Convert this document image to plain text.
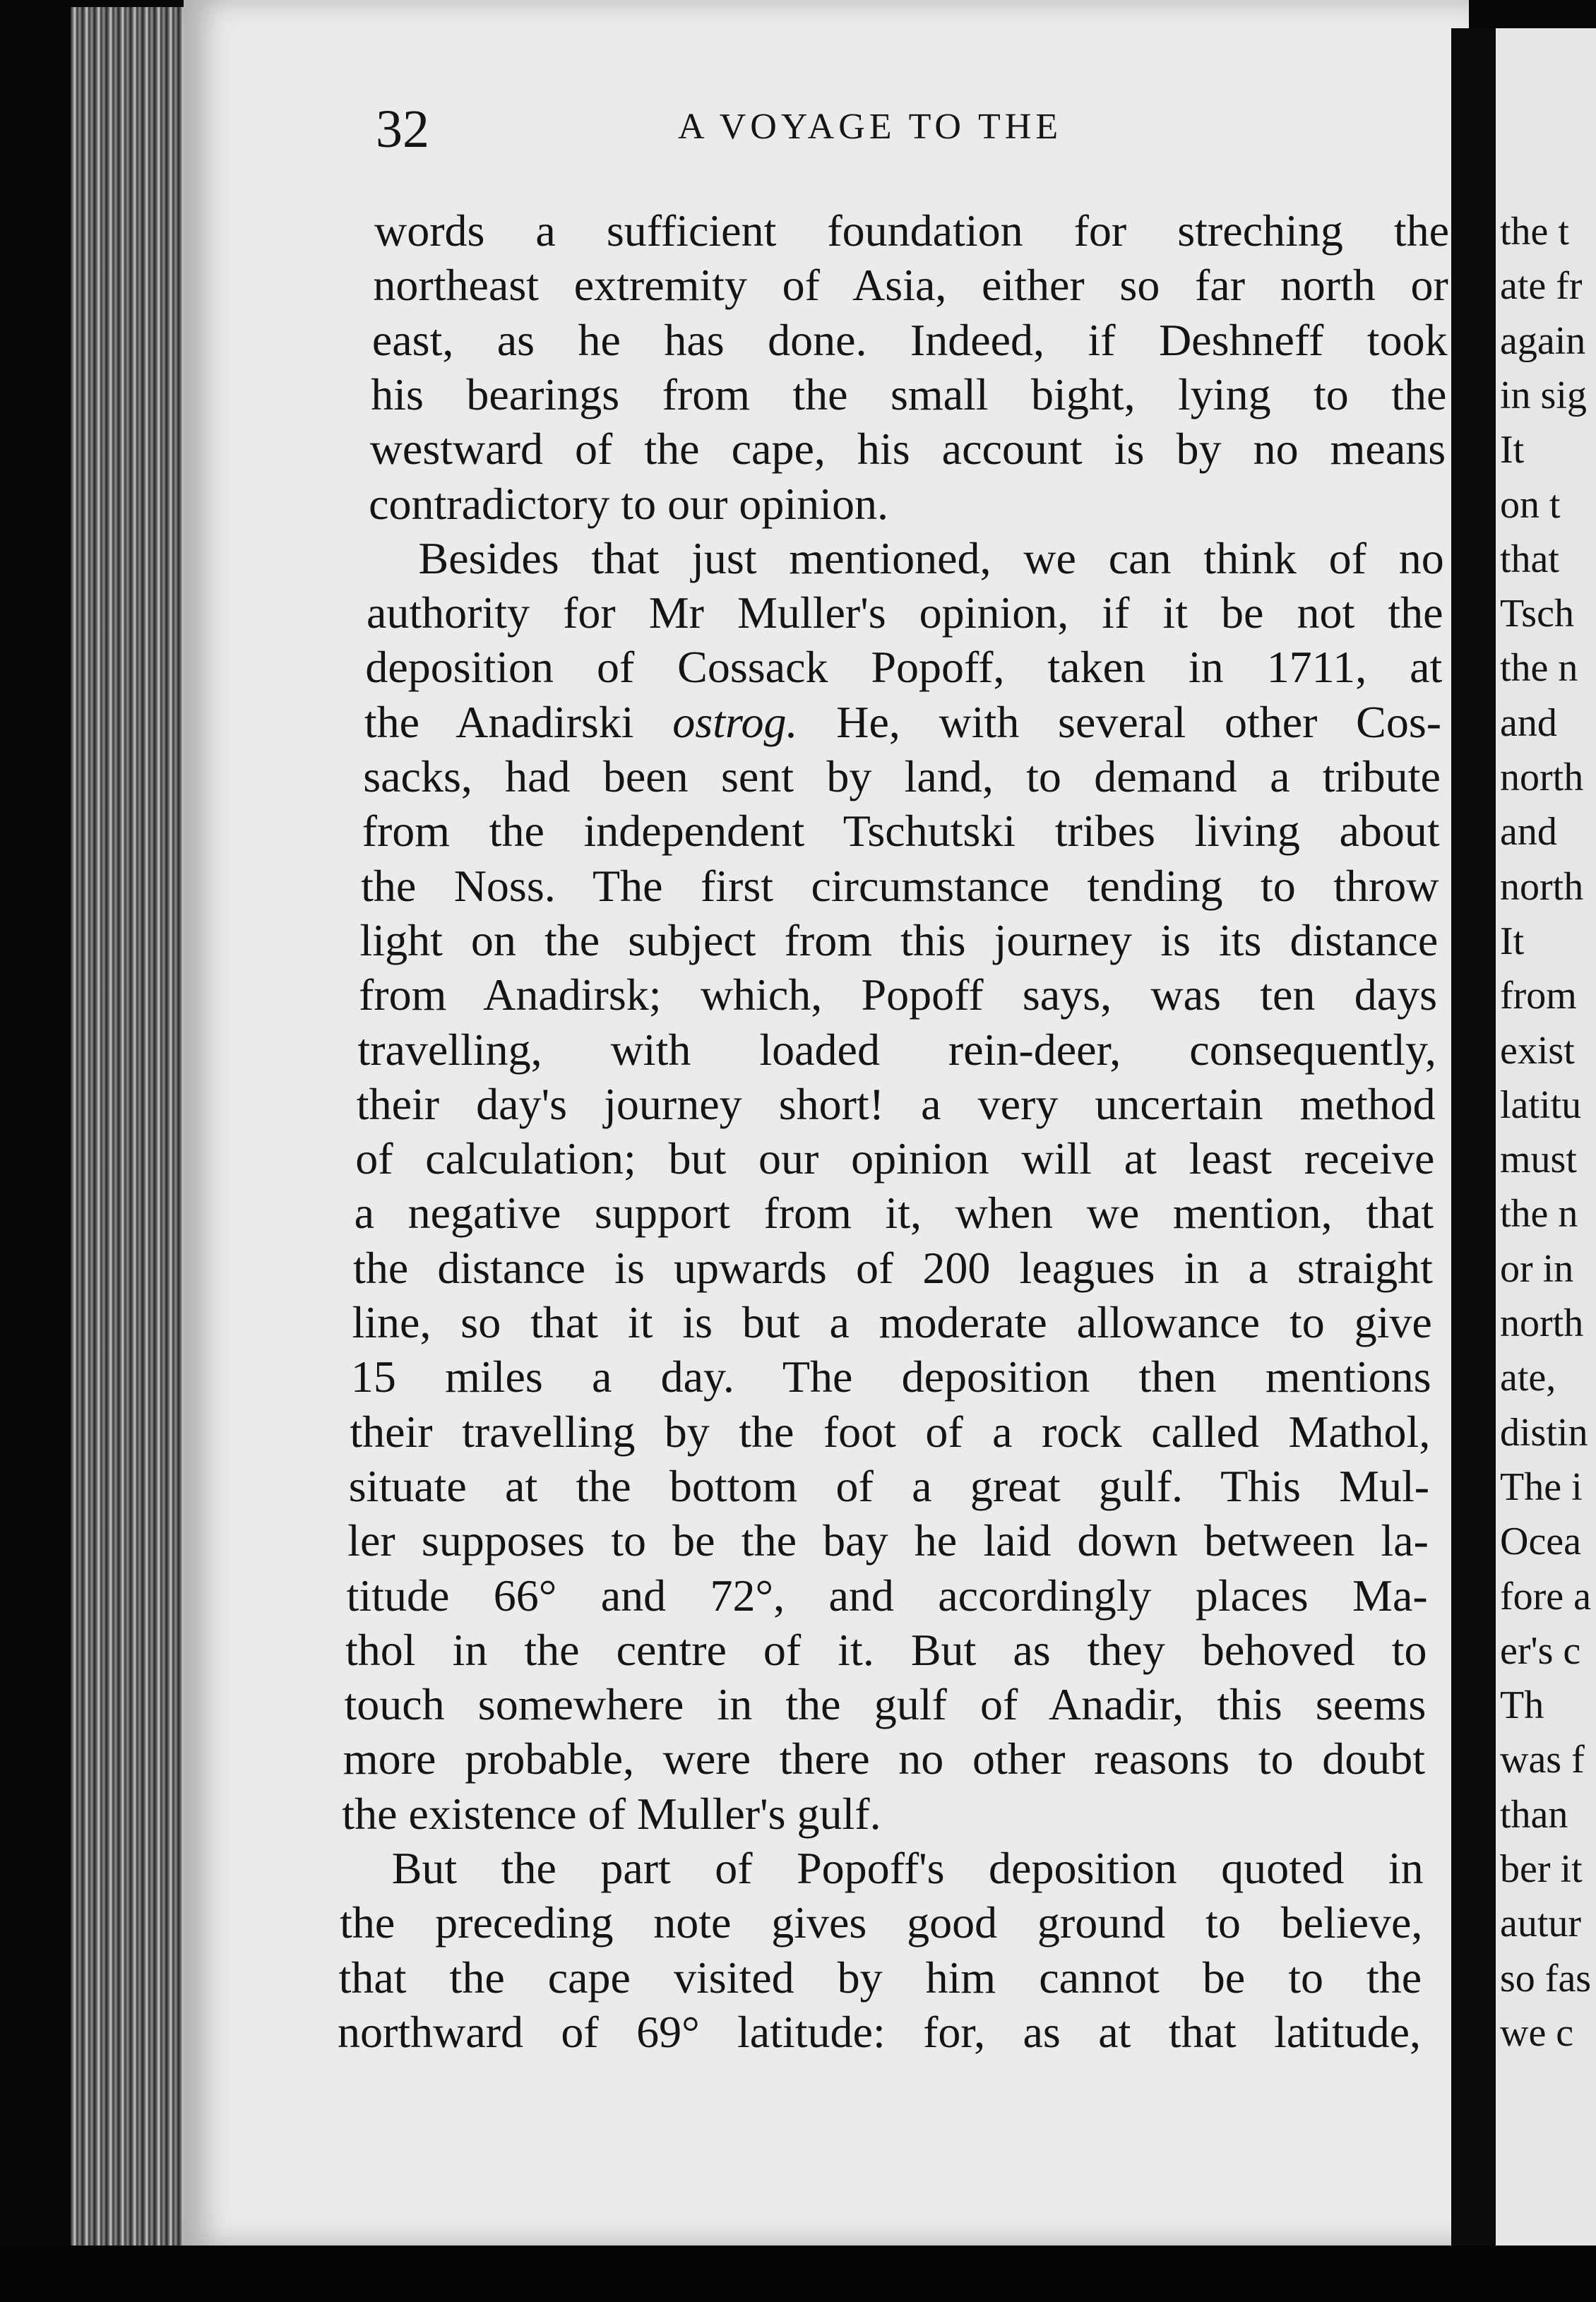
the t
ate fr
again
in sig
It
on t
that
Tsch
the n
and
north
and
north
It
from
exist
latitu
must
the n
or in
north
ate,
distin
The i
Ocea
fore a
er's c
Th
was f
than
ber it
autur
so fas
we c
32	A VOYAGE TO THE
words a sufficient foundation for streching the
northeast extremity of Asia, either so far north or
east, as he has done. Indeed, if Deshneff took
his bearings from the small bight, lying to the
westward of the cape, his account is by no means
contradictory to our opinion.
Besides that just mentioned, we can think of no
authority for Mr Muller's opinion, if it be not the
deposition of Cossack Popoff, taken in 1711, at
the Anadirski ostrog. He, with several other Cos-
sacks, had been sent by land, to demand a tribute
from the independent Tschutski tribes living about
the Noss. The first circumstance tending to throw
light on the subject from this journey is its distance
from Anadirsk; which, Popoff says, was ten days
travelling, with loaded rein-deer, consequently,
their day's journey short! a very uncertain method
of calculation; but our opinion will at least receive
a negative support from it, when we mention, that
the distance is upwards of 200 leagues in a straight
line, so that it is but a moderate allowance to give
15 miles a day. The deposition then mentions
their travelling by the foot of a rock called Mathol,
situate at the bottom of a great gulf. This Mul-
ler supposes to be the bay he laid down between la-
titude 66° and 72°, and accordingly places Ma-
thol in the centre of it. But as they behoved to
touch somewhere in the gulf of Anadir, this seems
more probable, were there no other reasons to doubt
the existence of Muller's gulf.
But the part of Popoff's deposition quoted in
the preceding note gives good ground to believe,
that the cape visited by him cannot be to the
northward of 69° latitude: for, as at that latitude,
